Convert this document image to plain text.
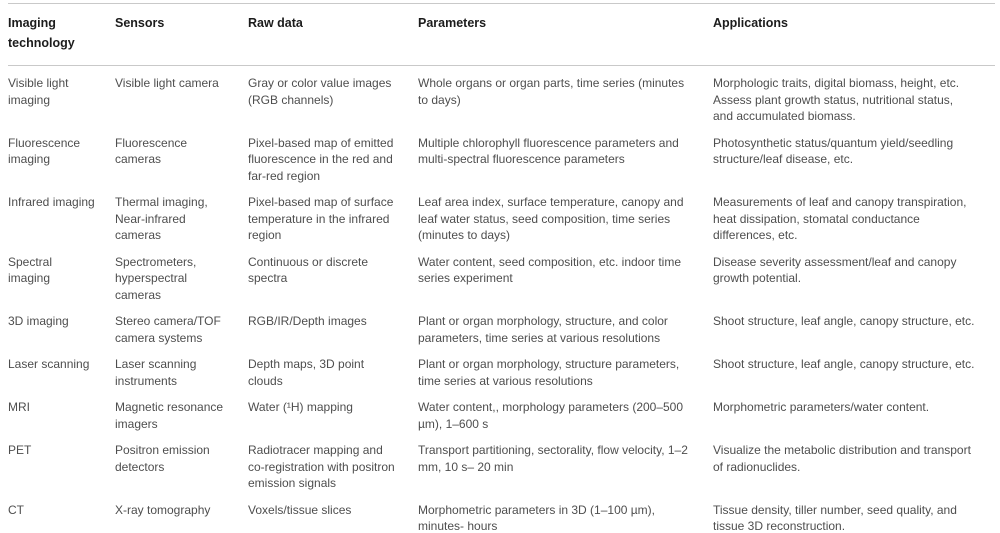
Imaging technology	Sensors	Raw data	Parameters	Applications
Visible light imaging	Visible light camera	Gray or color value images (RGB channels)	Whole organs or organ parts, time series (minutes to days)	Morphologic traits, digital biomass, height, etc. Assess plant growth status, nutritional status, and accumulated biomass.
Fluorescence imaging	Fluorescence cameras	Pixel-based map of emitted fluorescence in the red and far-red region	Multiple chlorophyll fluorescence parameters and multi-spectral fluorescence parameters	Photosynthetic status/quantum yield/seedling structure/leaf disease, etc.
Infrared imaging	Thermal imaging, Near-infrared cameras	Pixel-based map of surface temperature in the infrared region	Leaf area index, surface temperature, canopy and leaf water status, seed composition, time series (minutes to days)	Measurements of leaf and canopy transpiration, heat dissipation, stomatal conductance differences, etc.
Spectral imaging	Spectrometers, hyperspectral cameras	Continuous or discrete spectra	Water content, seed composition, etc. indoor time series experiment	Disease severity assessment/leaf and canopy growth potential.
3D imaging	Stereo camera/TOF camera systems	RGB/IR/Depth images	Plant or organ morphology, structure, and color parameters, time series at various resolutions	Shoot structure, leaf angle, canopy structure, etc.
Laser scanning	Laser scanning instruments	Depth maps, 3D point clouds	Plant or organ morphology, structure parameters, time series at various resolutions	Shoot structure, leaf angle, canopy structure, etc.
MRI	Magnetic resonance imagers	Water (¹H) mapping	Water content,, morphology parameters (200–500 µm), 1–600 s	Morphometric parameters/water content.
PET	Positron emission detectors	Radiotracer mapping and co-registration with positron emission signals	Transport partitioning, sectorality, flow velocity, 1–2 mm, 10 s– 20 min	Visualize the metabolic distribution and transport of radionuclides.
CT	X-ray tomography	Voxels/tissue slices	Morphometric parameters in 3D (1–100 µm), minutes- hours	Tissue density, tiller number, seed quality, and tissue 3D reconstruction.
